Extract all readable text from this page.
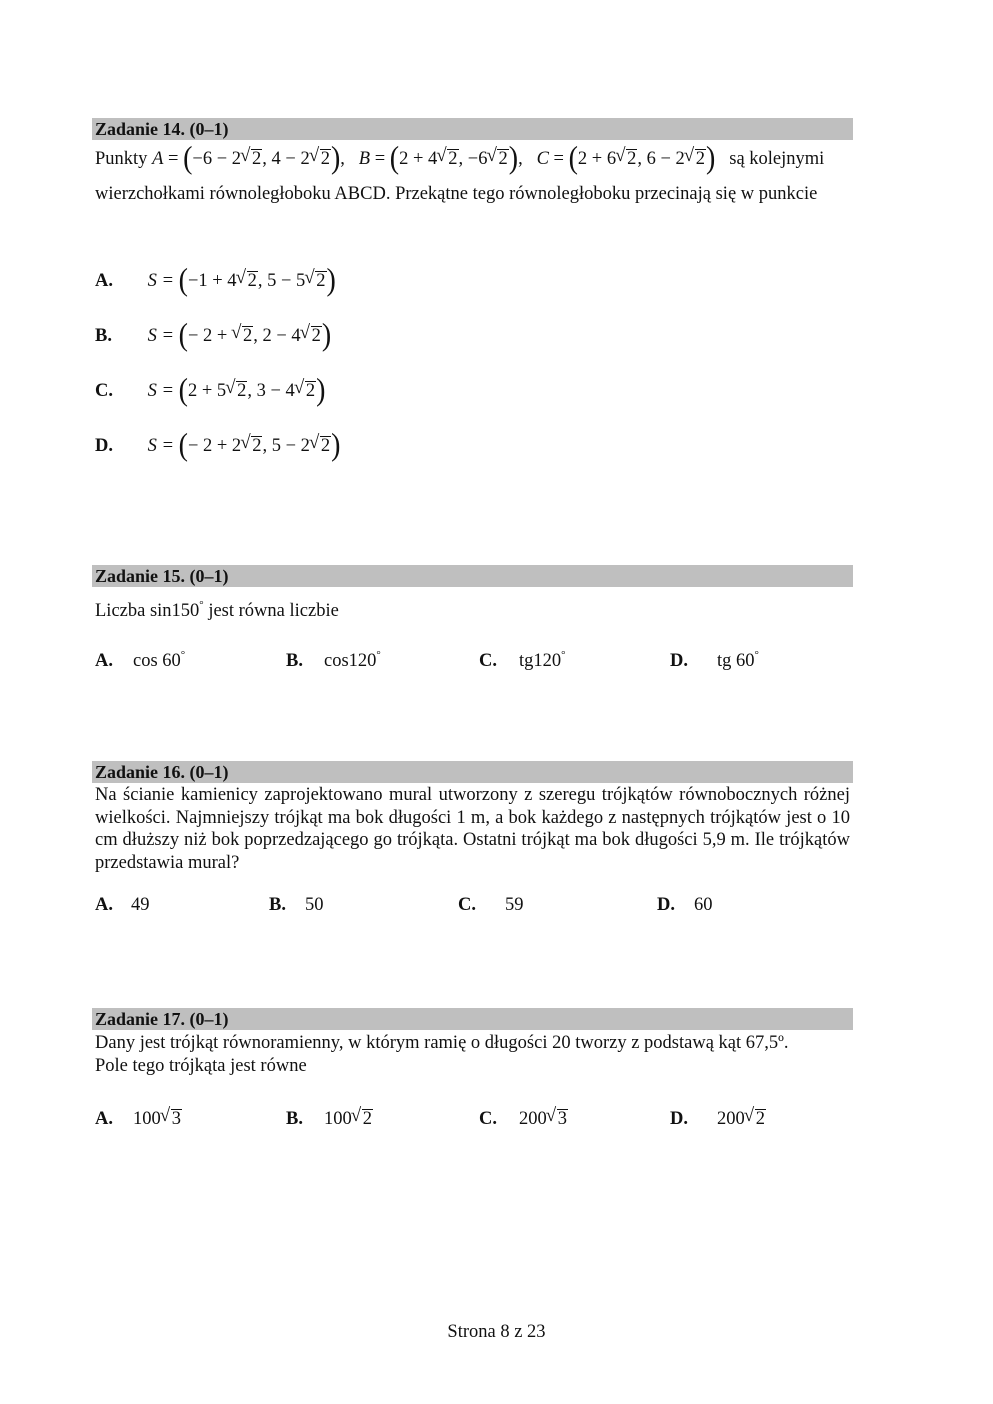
Zadanie 14. (0–1)
Punkty A = (−6 − 2 √ 2, 4 − 2 √ 2), B = (2 + 4 √ 2, −6 √ 2), C = (2 + 6 √ 2, 6 − 2 √ 2) są kolejnymi
wierzchołkami równoległoboku ABCD. Przekątne tego równoległoboku przecinają się w punkcie
A. S = (−1 + 4 √ 2, 5 − 5 √ 2)
B. S = (− 2 + √ 2, 2 − 4 √ 2)
C. S = (2 + 5 √ 2, 3 − 4 √ 2)
D. S = (− 2 + 2 √ 2, 5 − 2 √ 2)
Zadanie 15. (0–1)
Liczba sin150° jest równa liczbie
A. cos 60°	B. cos120°	C. tg120°	D. tg 60°
Zadanie 16. (0–1)
Na ścianie kamienicy zaprojektowano mural utworzony z szeregu trójkątów równobocznych różnej wielkości. Najmniejszy trójkąt ma bok długości 1 m, a bok każdego z następnych trójkątów jest o 10 cm dłuższy niż bok poprzedzającego go trójkąta. Ostatni trójkąt ma bok długości 5,9 m. Ile trójkątów przedstawia mural?
A. 49	B. 50	C. 59	D. 60
Zadanie 17. (0–1)
Dany jest trójkąt równoramienny, w którym ramię o długości 20 tworzy z podstawą kąt 67,5º.
Pole tego trójkąta jest równe
A. 100 √ 3	B. 100 √ 2	C. 200 √ 3	D. 200 √ 2
Strona 8 z 23
